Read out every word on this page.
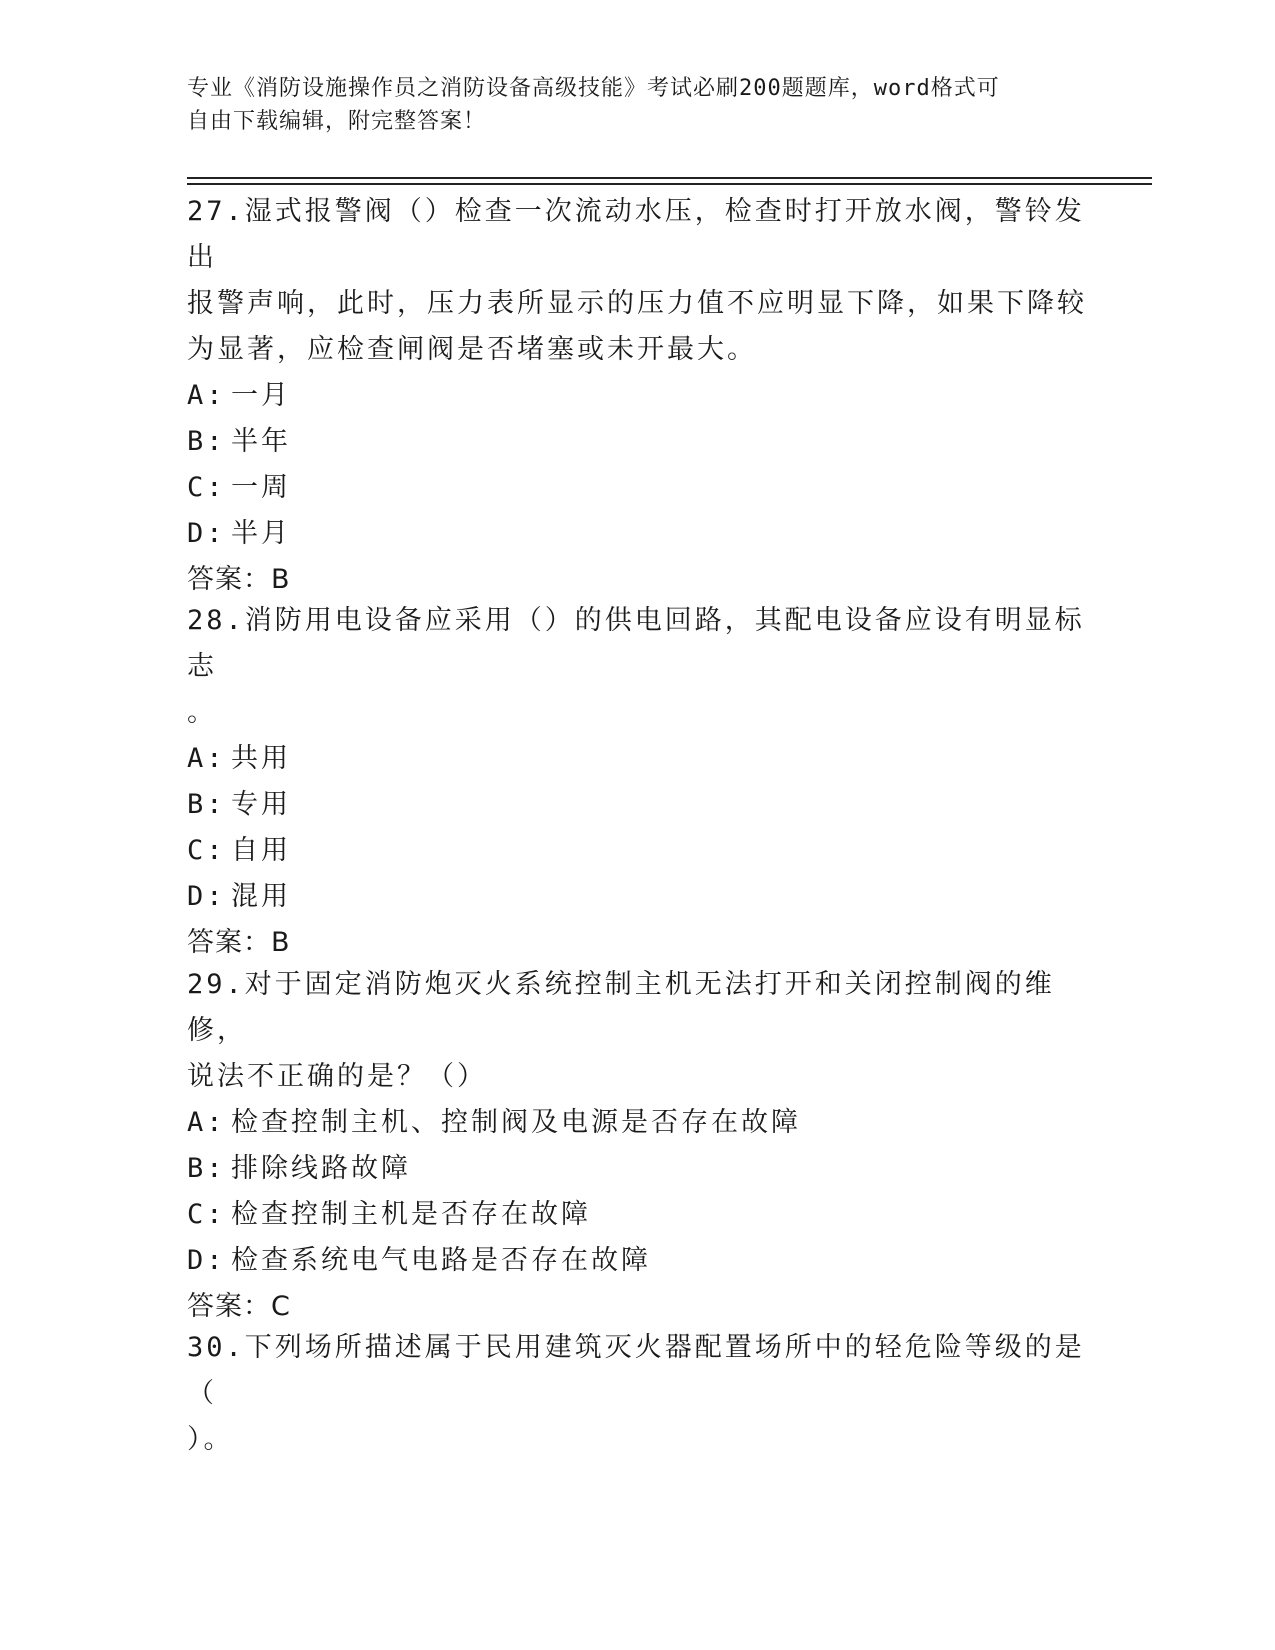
专业《消防设施操作员之消防设备高级技能》考试必刷200题题库，word格式可
自由下载编辑，附完整答案！
27.湿式报警阀（）检查一次流动水压，检查时打开放水阀，警铃发出
报警声响，此时，压力表所显示的压力值不应明显下降，如果下降较
为显著，应检查闸阀是否堵塞或未开最大。
A: 一月
B: 半年
C: 一周
D: 半月
答案：B
28.消防用电设备应采用（）的供电回路，其配电设备应设有明显标志
。
A: 共用
B: 专用
C: 自用
D: 混用
答案：B
29.对于固定消防炮灭火系统控制主机无法打开和关闭控制阀的维修，
说法不正确的是？（）
A: 检查控制主机、控制阀及电源是否存在故障
B: 排除线路故障
C: 检查控制主机是否存在故障
D: 检查系统电气电路是否存在故障
答案：C
30.下列场所描述属于民用建筑灭火器配置场所中的轻危险等级的是（
）。
